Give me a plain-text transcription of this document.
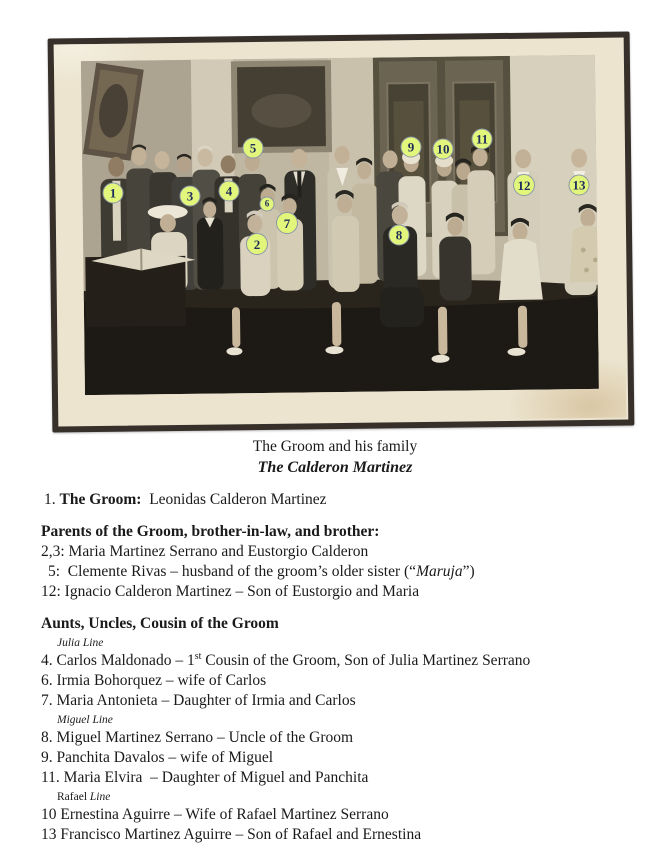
1
2
3	4
5
6
7
8
9	10
11
12	13
The Groom and his family
The Calderon Martinez
1. The Groom:  Leonidas Calderon Martinez
Parents of the Groom, brother-in-law, and brother:
2,3: Maria Martinez Serrano and Eustorgio Calderon
5:  Clemente Rivas – husband of the groom’s older sister (“Maruja”)
12: Ignacio Calderon Martinez – Son of Eustorgio and Maria
Aunts, Uncles, Cousin of the Groom
Julia Line
4. Carlos Maldonado – 1st Cousin of the Groom, Son of Julia Martinez Serrano
6. Irmia Bohorquez – wife of Carlos
7. Maria Antonieta – Daughter of Irmia and Carlos
Miguel Line
8. Miguel Martinez Serrano – Uncle of the Groom
9. Panchita Davalos – wife of Miguel
11. Maria Elvira  – Daughter of Miguel and Panchita
Rafael Line
10 Ernestina Aguirre – Wife of Rafael Martinez Serrano
13 Francisco Martinez Aguirre – Son of Rafael and Ernestina
